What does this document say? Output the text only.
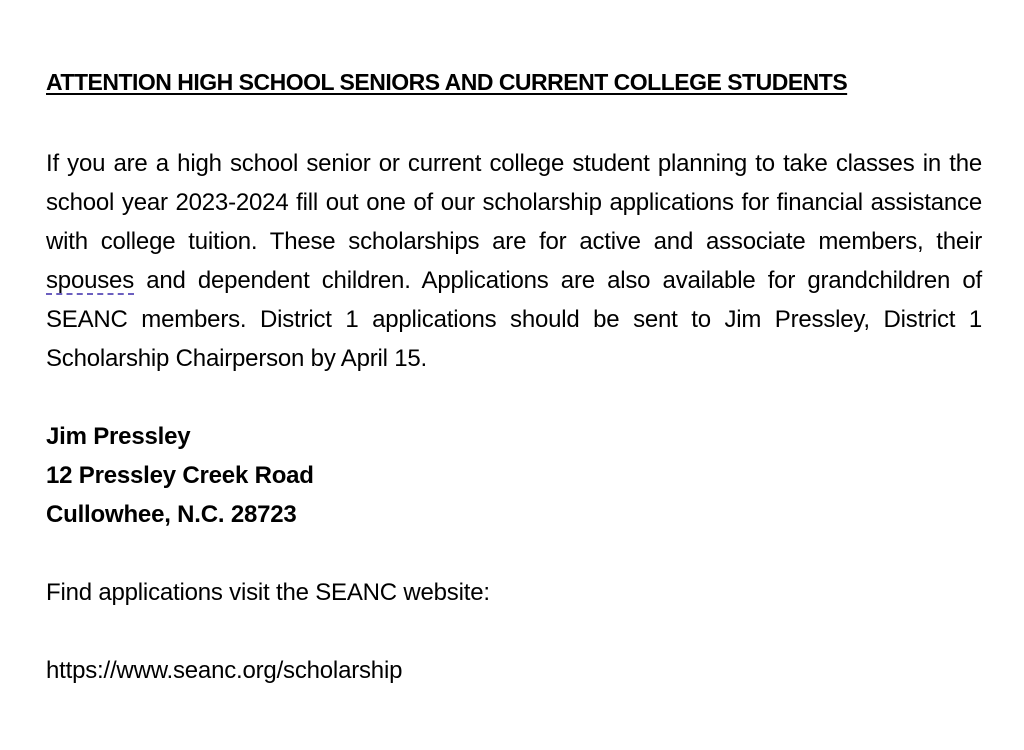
ATTENTION HIGH SCHOOL SENIORS AND CURRENT COLLEGE STUDENTS

If you are a high school senior or current college student planning to take classes in the school year 2023-2024 fill out one of our scholarship applications for financial assistance with college tuition. These scholarships are for active and associate members, their spouses and dependent children. Applications are also available for grandchildren of SEANC members. District 1 applications should be sent to Jim Pressley, District 1 Scholarship Chairperson by April 15.

Jim Pressley
12 Pressley Creek Road
Cullowhee, N.C. 28723

Find applications visit the SEANC website:

https://www.seanc.org/scholarship
